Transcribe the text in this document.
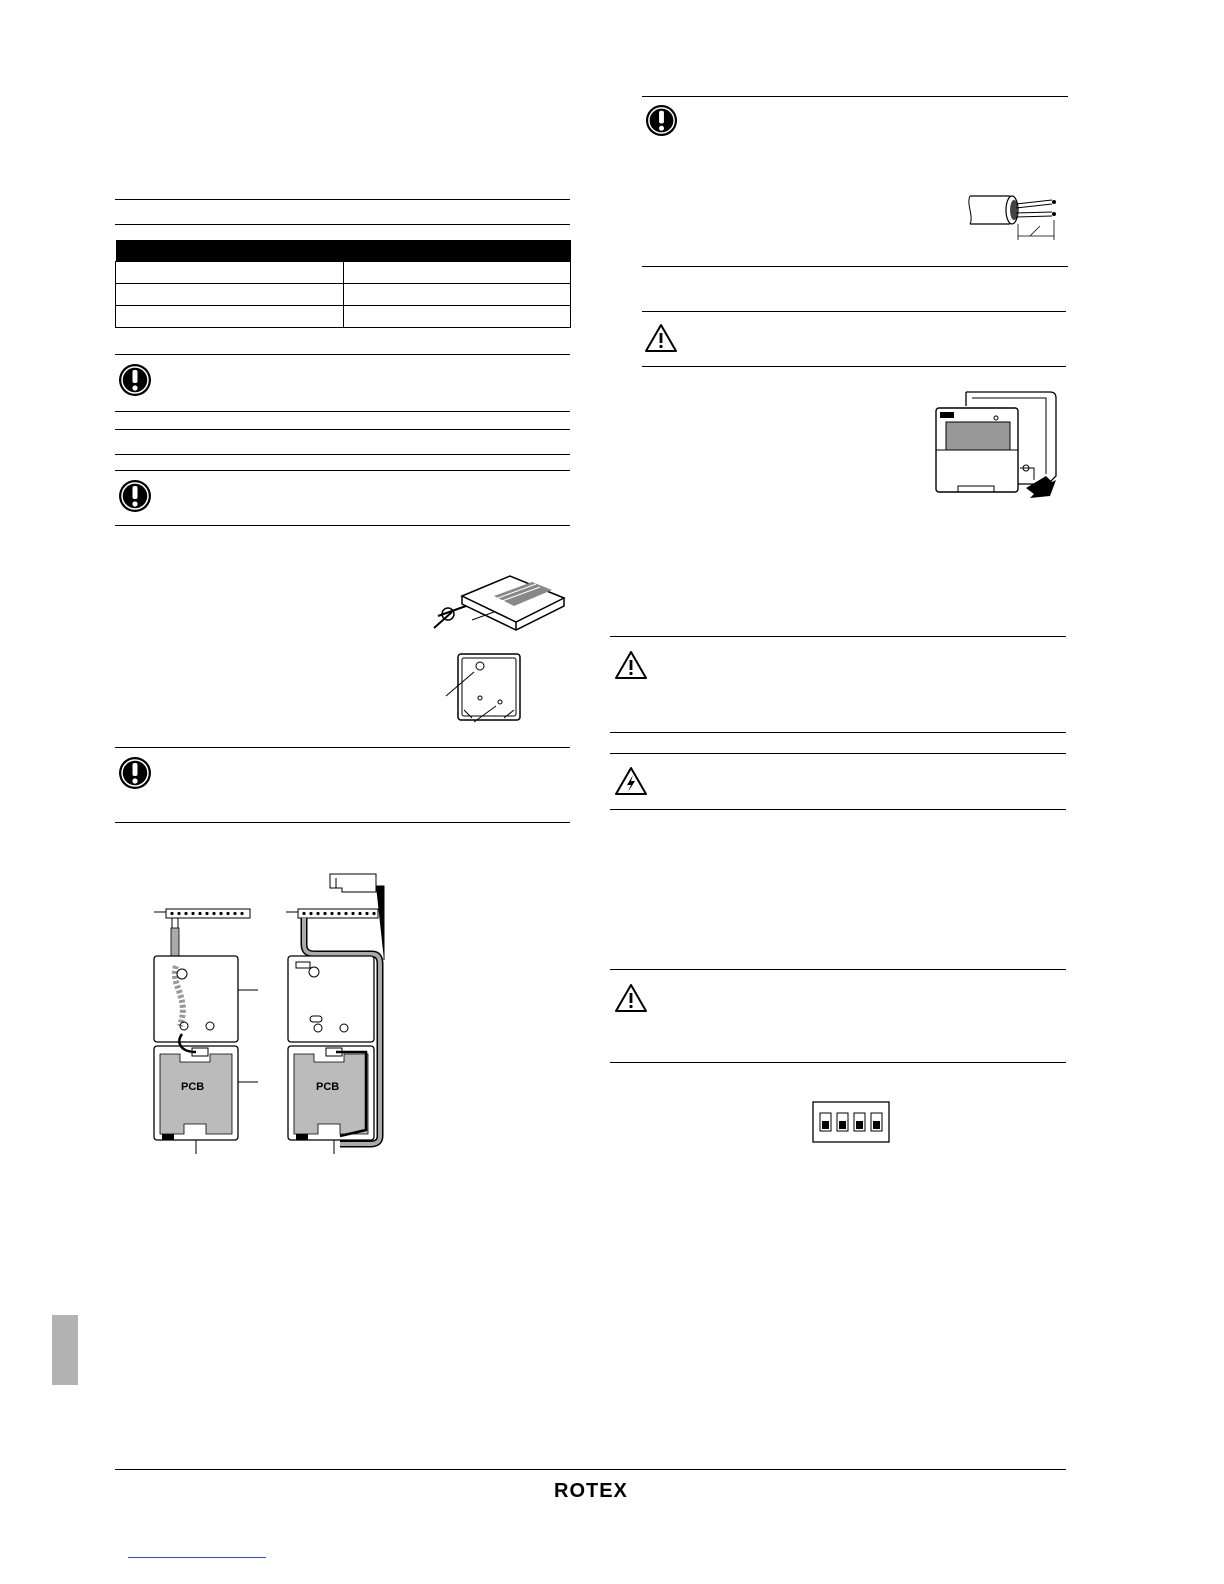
PCB	PCB
ROTEX
